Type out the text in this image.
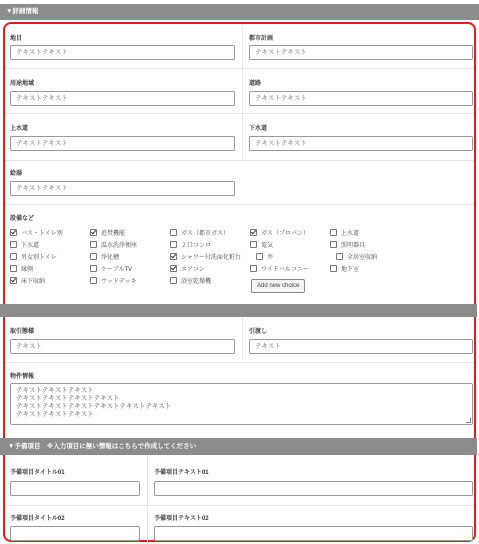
▼詳細情報
地目
テキストテキスト
都市計画
テキストテキスト
用途地域
テキストテキスト
道路
テキストテキスト
上水道
テキストテキスト
下水道
テキストテキスト
給湯
テキストテキスト
設備など
バス・トイレ別	追焚機能	ガス（都市ガス）	ガス（プロパン）	上水道
下水道	温水洗浄便座	２口コンロ	電気	照明器具
男女別トイレ	浄化槽	シャワー付洗面化粧台	井	全居室収納
縁側	ケーブルTV	エアコン	ワイドバルコニー	地下室
床下収納	ウッドデッキ	浴室乾燥機
Add new choice
取引態様
テキスト
引渡し
テキスト
物件情報
テキストテキストテキスト
テキストテキストテキストテキスト
テキストテキストテキストテキストテキストテキスト
テキストテキストテキスト
▼予備項目　※入力項目に無い情報はこちらで作成してください
予備項目タイトル01	予備項目テキスト01
予備項目タイトル02	予備項目テキスト02
